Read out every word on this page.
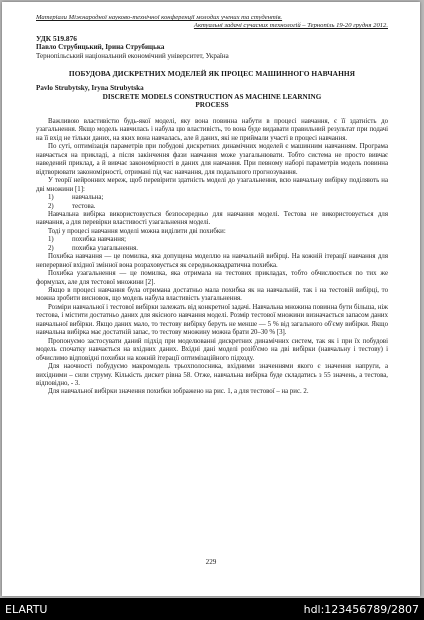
Матеріали Міжнародної науково-технічної конференції молодих учених та студентів.
Актуальні задачі сучасних технологій – Тернопіль 19-20 грудня 2012.
УДК 519.876
Павло Струбицький, Ірина Струбицька
Тернопільський національний економічний університет, Україна
ПОБУДОВА ДИСКРЕТНИХ МОДЕЛЕЙ ЯК ПРОЦЕС МАШИННОГО НАВЧАННЯ
Pavlo Strubytsky, Iryna Strubytska
DISCRETE MODELS CONSTRUCTION AS MACHINE LEARNING
PROCESS

Важливою властивістю будь-якої моделі, яку вона повинна набути в процесі навчання, є її здатність до узагальнення. Якщо модель навчилась і набула цю властивість, то вона буде видавати правильний результат при подачі на її вхід не тільки даних, на яких вона навчалась, але й даних, які не приймали участі в процесі навчання.

По суті, оптимізація параметрів при побудові дискретних динамічних моделей є машинним навчанням. Програма навчається на прикладі, а після закінчення фази навчання може узагальнювати. Тобто система не просто вивчає наведений приклад, а й вивчає закономірності в даних для навчання. При певному наборі параметрів модель повинна відтворювати закономірності, отримані під час навчання, для подальшого прогнозування.

У теорії нейронних мереж, щоб перевірити здатність моделі до узагальнення, всю навчальну вибірку поділяють на дві множини [1]:

1)	навчальна;

2)	тестова.

Навчальна вибірка використовується безпосередньо для навчання моделі. Тестова не використовується для навчання, а для перевірки властивості узагальнення моделі.

Тоді у процесі навчання моделі можна виділити дві похибки:

1)	похибка навчання;

2)	похибка узагальнення.

Похибка навчання — це помилка, яка допущена моделлю на навчальній вибірці. На кожній ітерації навчання для неперервної вхідної змінної вона розраховується як середньоквадратична похибка.

Похибка узагальнення — це помилка, яка отримала на тестових прикладах, тобто обчислюється по тих же формулах, але для тестової множини [2].

Якщо в процесі навчання була отримана достатньо мала похибка як на навчальній, так і на тестовій вибірці, то можна зробити висновок, що модель набула властивість узагальнення.

Розміри навчальної і тестової вибірки залежать від конкретної задачі. Навчальна множина повинна бути більша, ніж тестова, і містити достатньо даних для якісного навчання моделі. Розмір тестової множини визначається запасом даних навчальної вибірки. Якщо даних мало, то тестову вибірку беруть не менше — 5 % від загального об'єму вибірки. Якщо навчальна вибірка має достатній запас, то тестову множину можна брати 20–30 % [3].

Пропонуємо застосувати даний підхід при моделюванні дискретних динамічних систем, так як і при їх побудові модель спочатку навчається на вхідних даних. Вхідні дані моделі розіб'ємо на дві вибірки (навчальну і тестову) і обчислимо відповідні похибки на кожній ітерації оптимізаційного підходу.

Для наочності побудуємо макромодель трьохполосника, вхідними значеннями якого є значення напруги, а вихідними – сили струму. Кількість дискет рівна 58. Отже, навчальна вибірка буде складатись з 55 значень, а тестова, відповідно, - 3.

Для навчальної вибірки значення похибки зображено на рис. 1, а для тестової – на рис. 2.

229
ELARTU	hdl:123456789/2807
